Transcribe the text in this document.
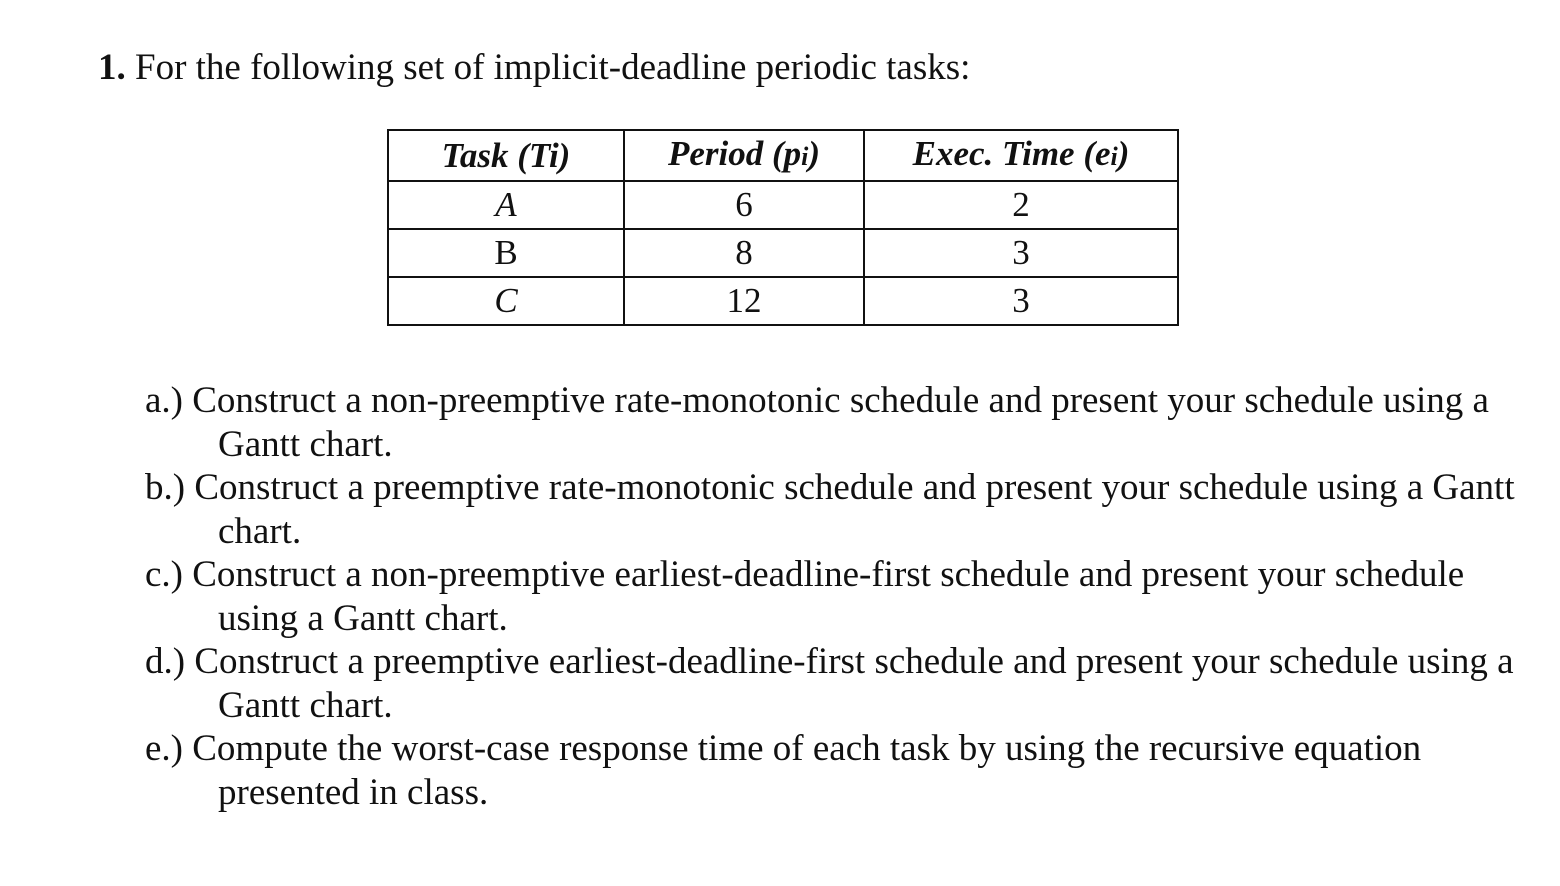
1. For the following set of implicit-deadline periodic tasks:
Task (Ti)	Period (pi)	Exec. Time (ei)
A	6	2
B	8	3
C	12	3

a.) Construct a non-preemptive rate-monotonic schedule and present your schedule using a Gantt chart.

b.) Construct a preemptive rate-monotonic schedule and present your schedule using a Gantt chart.

c.) Construct a non-preemptive earliest-deadline-first schedule and present your schedule using a Gantt chart.

d.) Construct a preemptive earliest-deadline-first schedule and present your schedule using a Gantt chart.

e.) Compute the worst-case response time of each task by using the recursive equation presented in class.
